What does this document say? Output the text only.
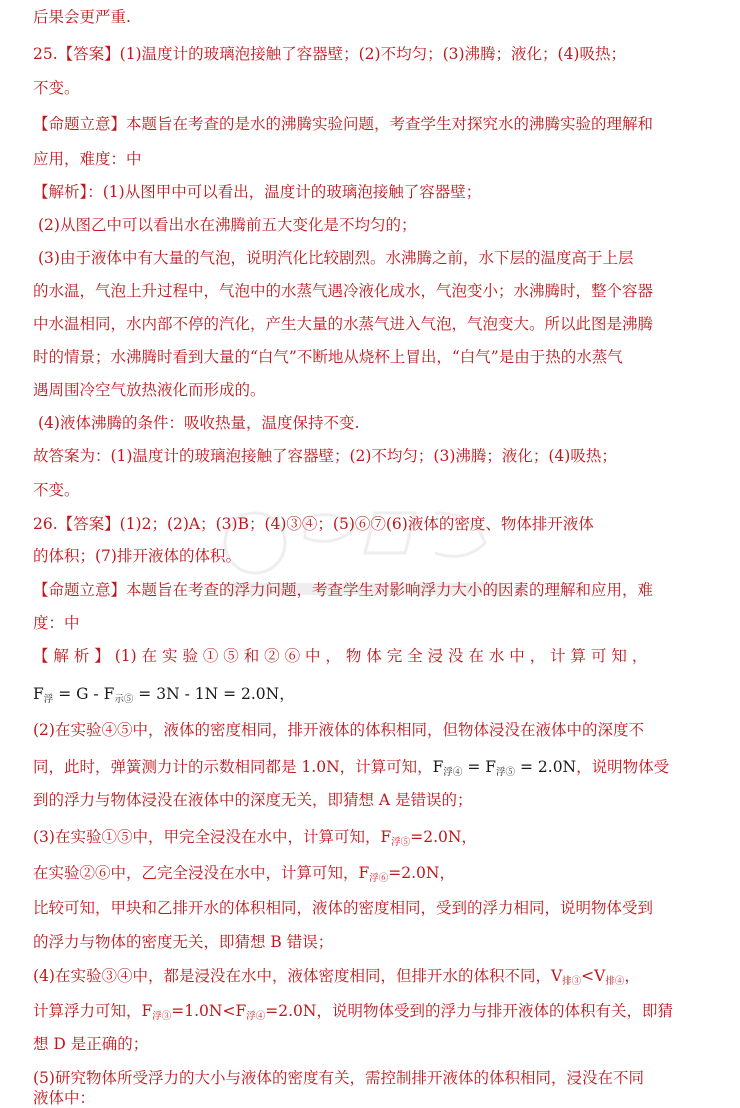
后果会更严重.
25.【答案】(1)温度计的玻璃泡接触了容器壁；(2)不均匀；(3)沸腾；液化；(4)吸热；
不变。
【命题立意】本题旨在考查的是水的沸腾实验问题，考查学生对探究水的沸腾实验的理解和
应用，难度：中
【解析】：(1)从图甲中可以看出，温度计的玻璃泡接触了容器壁；
(2)从图乙中可以看出水在沸腾前五大变化是不均匀的；
(3)由于液体中有大量的气泡，说明汽化比较剧烈。水沸腾之前，水下层的温度高于上层
的水温，气泡上升过程中，气泡中的水蒸气遇冷液化成水，气泡变小；水沸腾时，整个容器
中水温相同，水内部不停的汽化，产生大量的水蒸气进入气泡，气泡变大。所以此图是沸腾
时的情景；水沸腾时看到大量的“白气”不断地从烧杯上冒出，“白气”是由于热的水蒸气
遇周围冷空气放热液化而形成的。
(4)液体沸腾的条件：吸收热量，温度保持不变.
故答案为：(1)温度计的玻璃泡接触了容器壁；(2)不均匀；(3)沸腾；液化；(4)吸热；
不变。
26.【答案】(1)2；(2)A；(3)B；(4)③④；(5)⑥⑦(6)液体的密度、物体排开液体
的体积；(7)排开液体的体积。
【命题立意】本题旨在考查的浮力问题，考查学生对影响浮力大小的因素的理解和应用，难
度：中
【 解 析 】 (1) 在 实 验 ① ⑤ 和 ② ⑥ 中 ， 物 体 完 全 浸 没 在 水 中 ， 计 算 可 知 ，
$F_浮 = G - F_{示⑤} = 3N - 1N = 2.0N$，
(2)在实验④⑤中，液体的密度相同，排开液体的体积相同，但物体浸没在液体中的深度不
同，此时，弹簧测力计的示数相同都是 1.0N，计算可知，$F_{浮④} = F_{浮⑤} = 2.0N$，说明物体受
到的浮力与物体浸没在液体中的深度无关，即猜想 A 是错误的；
(3)在实验①⑤中，甲完全浸没在水中，计算可知，$F_{浮⑤}=2.0N$，
在实验②⑥中，乙完全浸没在水中，计算可知，$F_{浮⑥}=2.0N$，
比较可知，甲块和乙排开水的体积相同，液体的密度相同，受到的浮力相同，说明物体受到
的浮力与物体的密度无关，即猜想 B 错误；
(4)在实验③④中，都是浸没在水中，液体密度相同，但排开水的体积不同，$V_{排③}<V_{排④}$，
计算浮力可知，$F_{浮③}=1.0N<F_{浮④}=2.0N$，说明物体受到的浮力与排开液体的体积有关，即猜
想 D 是正确的；
(5)研究物体所受浮力的大小与液体的密度有关，需控制排开液体的体积相同，浸没在不同
液体中：
